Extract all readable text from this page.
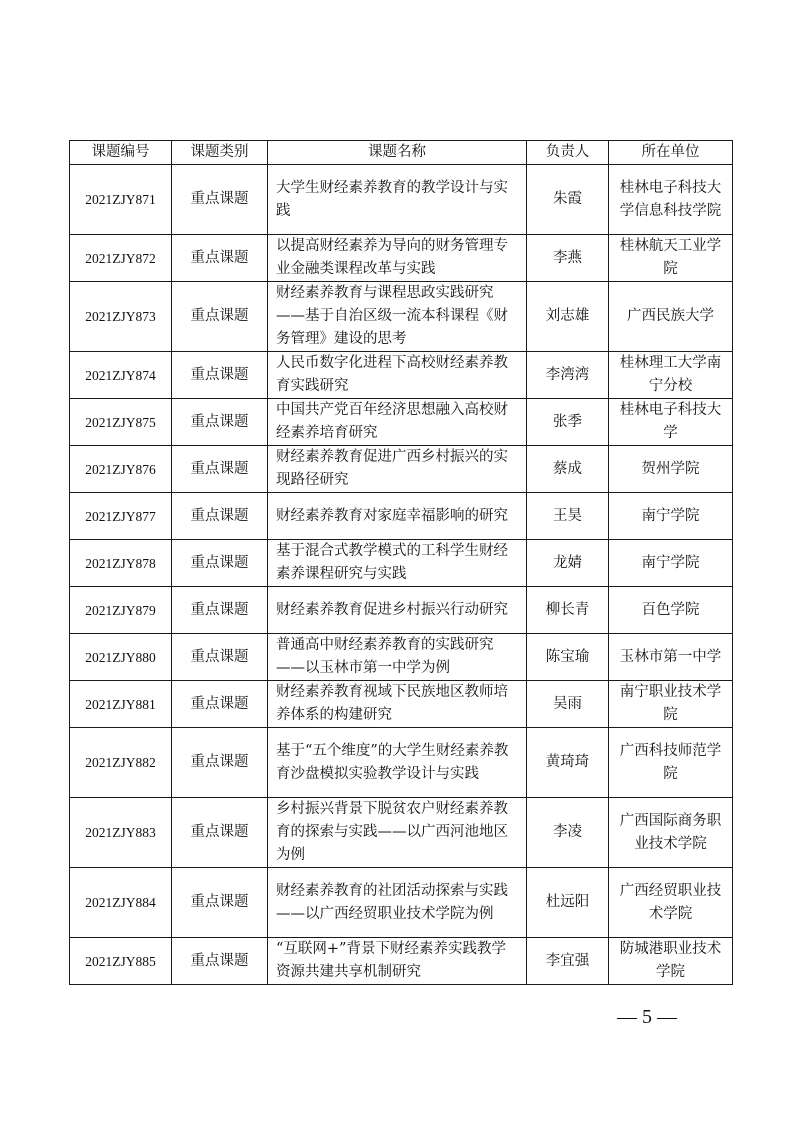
课题编号	课题类别	课题名称	负责人	所在单位
2021ZJY871	重点课题	大学生财经素养教育的教学设计与实践	朱霞	桂林电子科技大学信息科技学院
2021ZJY872	重点课题	以提高财经素养为导向的财务管理专业金融类课程改革与实践	李燕	桂林航天工业学院
2021ZJY873	重点课题	财经素养教育与课程思政实践研究——基于自治区级一流本科课程《财务管理》建设的思考	刘志雄	广西民族大学
2021ZJY874	重点课题	人民币数字化进程下高校财经素养教育实践研究	李湾湾	桂林理工大学南宁分校
2021ZJY875	重点课题	中国共产党百年经济思想融入高校财经素养培育研究	张季	桂林电子科技大学
2021ZJY876	重点课题	财经素养教育促进广西乡村振兴的实现路径研究	蔡成	贺州学院
2021ZJY877	重点课题	财经素养教育对家庭幸福影响的研究	王昊	南宁学院
2021ZJY878	重点课题	基于混合式教学模式的工科学生财经素养课程研究与实践	龙婧	南宁学院
2021ZJY879	重点课题	财经素养教育促进乡村振兴行动研究	柳长青	百色学院
2021ZJY880	重点课题	普通高中财经素养教育的实践研究——以玉林市第一中学为例	陈宝瑜	玉林市第一中学
2021ZJY881	重点课题	财经素养教育视域下民族地区教师培养体系的构建研究	吴雨	南宁职业技术学院
2021ZJY882	重点课题	基于“五个维度”的大学生财经素养教育沙盘模拟实验教学设计与实践	黄琦琦	广西科技师范学院
2021ZJY883	重点课题	乡村振兴背景下脱贫农户财经素养教育的探索与实践——以广西河池地区为例	李凌	广西国际商务职业技术学院
2021ZJY884	重点课题	财经素养教育的社团活动探索与实践——以广西经贸职业技术学院为例	杜远阳	广西经贸职业技术学院
2021ZJY885	重点课题	“互联网+”背景下财经素养实践教学资源共建共享机制研究	李宜强	防城港职业技术学院
— 5 —
